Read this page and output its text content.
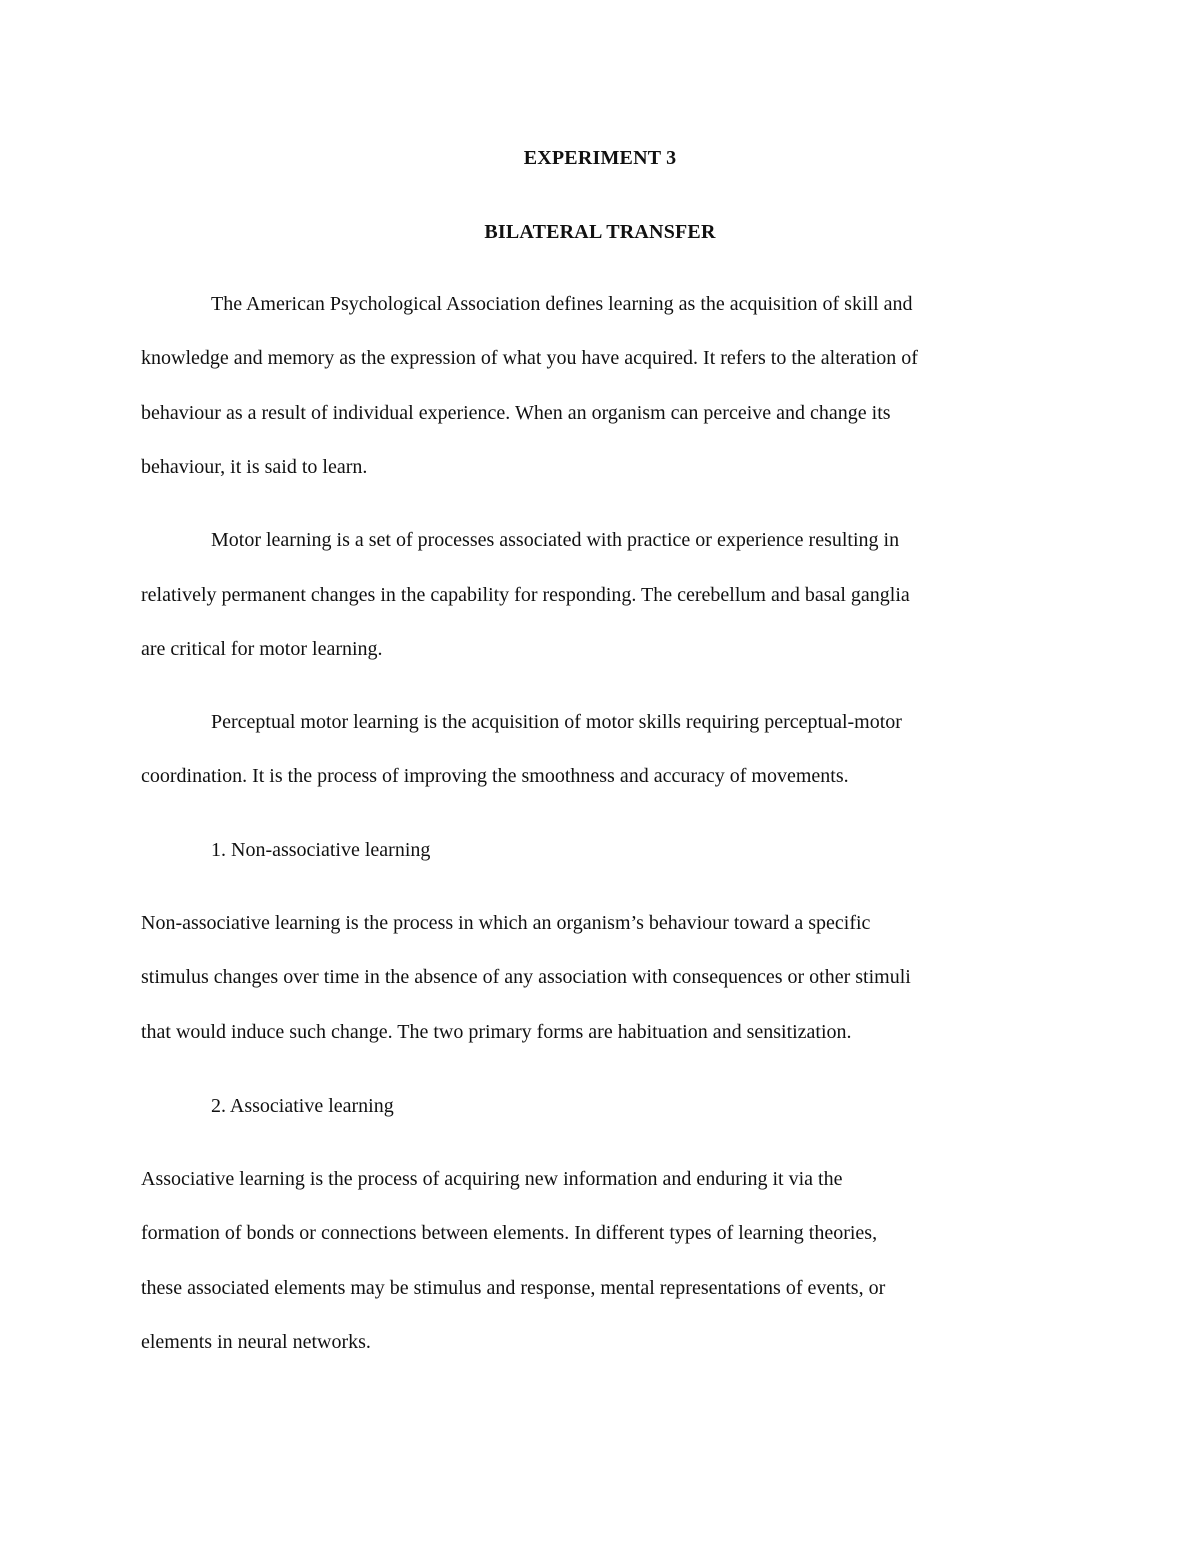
EXPERIMENT 3
BILATERAL TRANSFER
The American Psychological Association defines learning as the acquisition of skill and
knowledge and memory as the expression of what you have acquired. It refers to the alteration of
behaviour as a result of individual experience. When an organism can perceive and change its
behaviour, it is said to learn.
Motor learning is a set of processes associated with practice or experience resulting in
relatively permanent changes in the capability for responding. The cerebellum and basal ganglia
are critical for motor learning.
Perceptual motor learning is the acquisition of motor skills requiring perceptual-motor
coordination. It is the process of improving the smoothness and accuracy of movements.
1. Non-associative learning
Non-associative learning is the process in which an organism’s behaviour toward a specific
stimulus changes over time in the absence of any association with consequences or other stimuli
that would induce such change. The two primary forms are habituation and sensitization.
2. Associative learning
Associative learning is the process of acquiring new information and enduring it via the
formation of bonds or connections between elements. In different types of learning theories,
these associated elements may be stimulus and response, mental representations of events, or
elements in neural networks.
